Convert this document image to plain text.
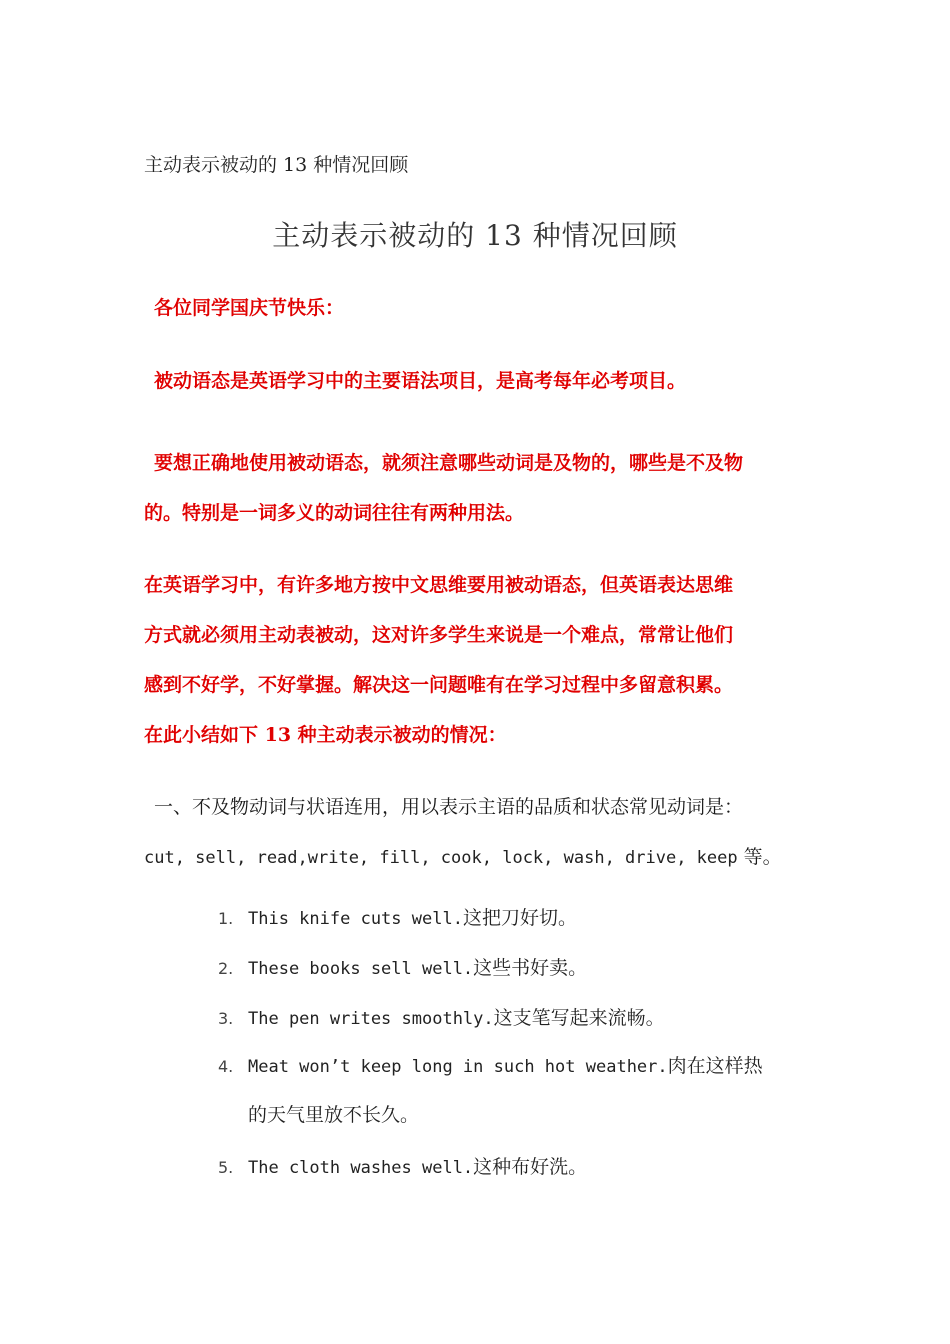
主动表示被动的 13 种情况回顾
主动表示被动的 13 种情况回顾
各位同学国庆节快乐：
被动语态是英语学习中的主要语法项目，是高考每年必考项目。
要想正确地使用被动语态，就须注意哪些动词是及物的，哪些是不及物
的。特别是一词多义的动词往往有两种用法。
在英语学习中，有许多地方按中文思维要用被动语态，但英语表达思维
方式就必须用主动表被动，这对许多学生来说是一个难点，常常让他们
感到不好学，不好掌握。解决这一问题唯有在学习过程中多留意积累。
在此小结如下 13 种主动表示被动的情况：
一、不及物动词与状语连用，用以表示主语的品质和状态常见动词是：
cut, sell, read,write, fill, cook, lock, wash, drive, keep 等。
1. This knife cuts well.这把刀好切。
2. These books sell well.这些书好卖。
3. The pen writes smoothly.这支笔写起来流畅。
4. Meat won’t keep long in such hot weather.肉在这样热
的天气里放不长久。
5. The cloth washes well.这种布好洗。
